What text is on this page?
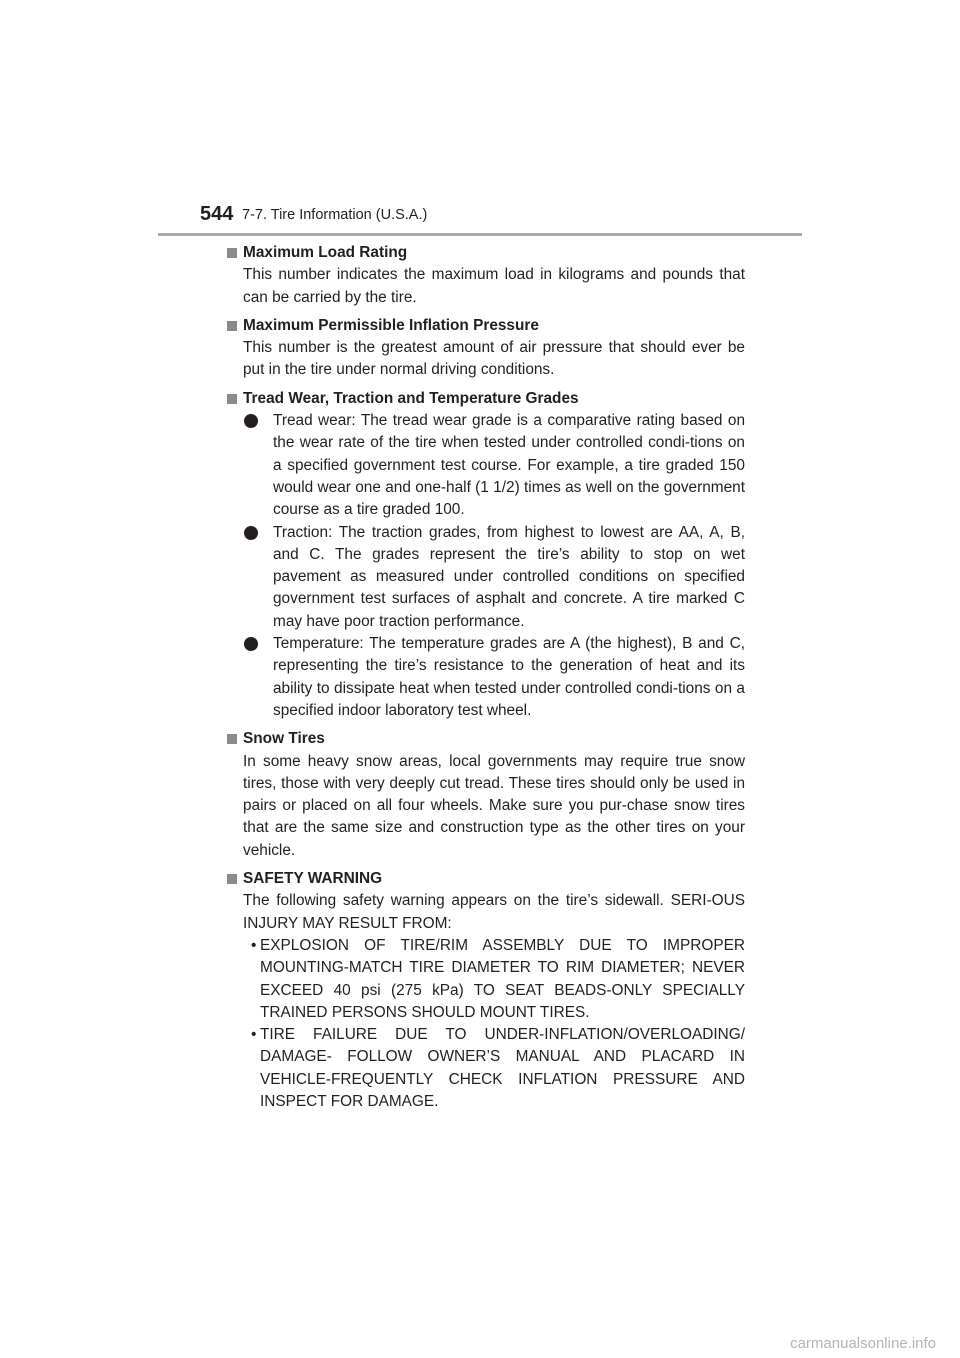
544 7-7. Tire Information (U.S.A.)
Maximum Load Rating
This number indicates the maximum load in kilograms and pounds that can be carried by the tire.
Maximum Permissible Inflation Pressure
This number is the greatest amount of air pressure that should ever be put in the tire under normal driving conditions.
Tread Wear, Traction and Temperature Grades
Tread wear: The tread wear grade is a comparative rating based on the wear rate of the tire when tested under controlled condi-tions on a specified government test course. For example, a tire graded 150 would wear one and one-half (1 1/2) times as well on the government course as a tire graded 100.
Traction: The traction grades, from highest to lowest are AA, A, B, and C. The grades represent the tire’s ability to stop on wet pavement as measured under controlled conditions on specified government test surfaces of asphalt and concrete. A tire marked C may have poor traction performance.
Temperature: The temperature grades are A (the highest), B and C, representing the tire’s resistance to the generation of heat and its ability to dissipate heat when tested under controlled condi-tions on a specified indoor laboratory test wheel.
Snow Tires
In some heavy snow areas, local governments may require true snow tires, those with very deeply cut tread. These tires should only be used in pairs or placed on all four wheels. Make sure you pur-chase snow tires that are the same size and construction type as the other tires on your vehicle.
SAFETY WARNING
The following safety warning appears on the tire’s sidewall. SERI-OUS INJURY MAY RESULT FROM:
• EXPLOSION OF TIRE/RIM ASSEMBLY DUE TO IMPROPER MOUNTING-MATCH TIRE DIAMETER TO RIM DIAMETER; NEVER EXCEED 40 psi (275 kPa) TO SEAT BEADS-ONLY SPECIALLY TRAINED PERSONS SHOULD MOUNT TIRES.
• TIRE FAILURE DUE TO UNDER-INFLATION/OVERLOADING/ DAMAGE- FOLLOW OWNER’S MANUAL AND PLACARD IN VEHICLE-FREQUENTLY CHECK INFLATION PRESSURE AND INSPECT FOR DAMAGE.
carmanualsonline.info
